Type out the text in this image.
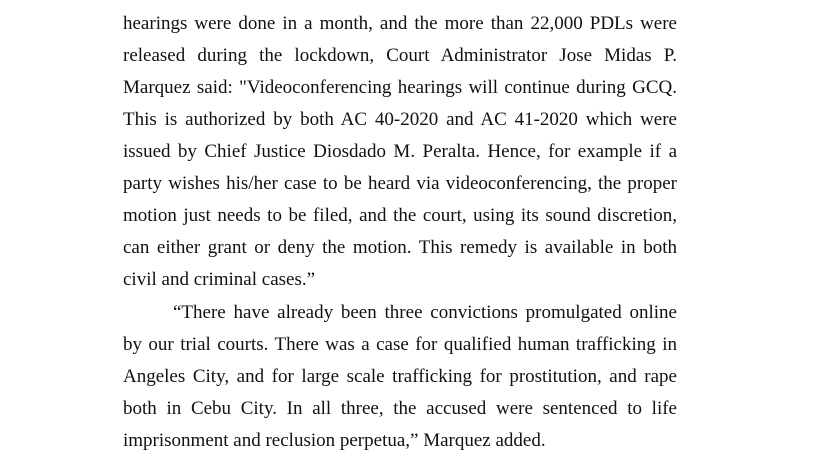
hearings were done in a month, and the more than 22,000 PDLs were
released during the lockdown, Court Administrator Jose Midas P.
Marquez said: "Videoconferencing hearings will continue during GCQ.
This is authorized by both AC 40-2020 and AC 41-2020 which were
issued by Chief Justice Diosdado M. Peralta. Hence, for example if a
party wishes his/her case to be heard via videoconferencing, the proper
motion just needs to be filed, and the court, using its sound discretion,
can either grant or deny the motion. This remedy is available in both
civil and criminal cases.”
“There have already been three convictions promulgated online
by our trial courts. There was a case for qualified human trafficking in
Angeles City, and for large scale trafficking for prostitution, and rape
both in Cebu City. In all three, the accused were sentenced to life
imprisonment and reclusion perpetua,” Marquez added.
